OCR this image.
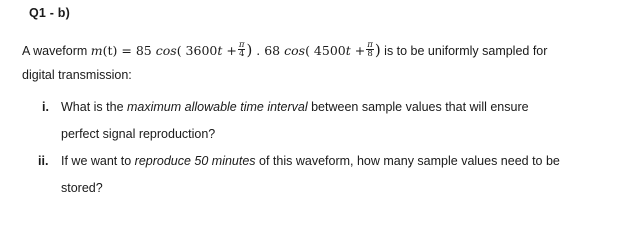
Q1 - b)
A waveform m(t) = 85 cos( $3600t + \frac{\pi}{4}$ ) . 68 cos( $4500t + \frac{\pi}{8}$ ) is to be uniformly sampled for
digital transmission:
i. What is the maximum allowable time interval between sample values that will ensure
perfect signal reproduction?
ii. If we want to reproduce 50 minutes of this waveform, how many sample values need to be
stored?
